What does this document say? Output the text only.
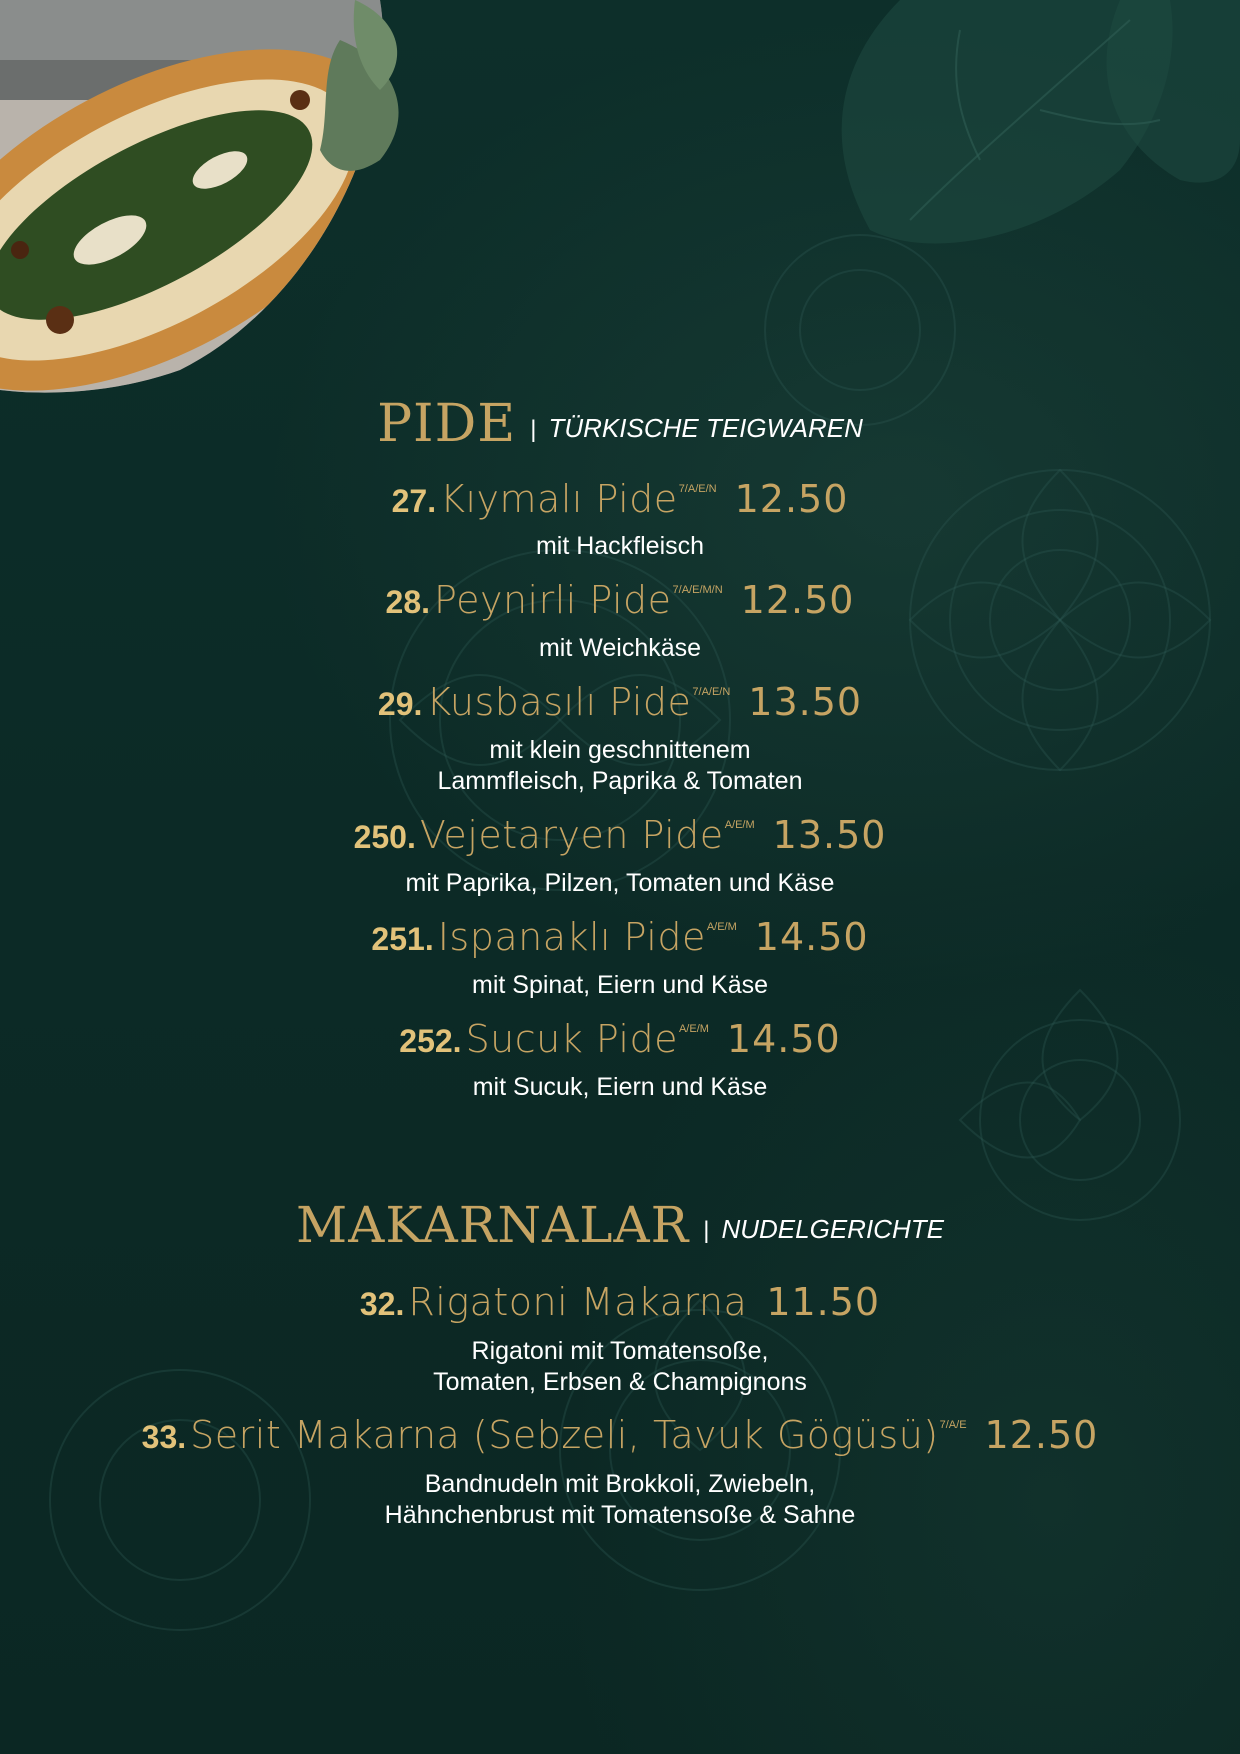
PIDE | TÜRKISCHE TEIGWAREN
27. Kıymalı Pide$^{7/A/E/N}$ 12.50
mit Hackfleisch
28. Peynirli Pide$^{7/A/E/M/N}$ 12.50
mit Weichkäse
29. Kusbasılı Pide$^{7/A/E/N}$ 13.50
mit klein geschnittenem
Lammfleisch, Paprika & Tomaten
250. Vejetaryen Pide$^{A/E/M}$ 13.50
mit Paprika, Pilzen, Tomaten und Käse
251. Ispanaklı Pide$^{A/E/M}$ 14.50
mit Spinat, Eiern und Käse
252. Sucuk Pide$^{A/E/M}$ 14.50
mit Sucuk, Eiern und Käse
MAKARNALAR | NUDELGERICHTE
32. Rigatoni Makarna 11.50
Rigatoni mit Tomatensoße,
Tomaten, Erbsen & Champignons
33. Serit Makarna (Sebzeli, Tavuk Gögüsü)$^{7/A/E}$ 12.50
Bandnudeln mit Brokkoli, Zwiebeln,
Hähnchenbrust mit Tomatensoße & Sahne
